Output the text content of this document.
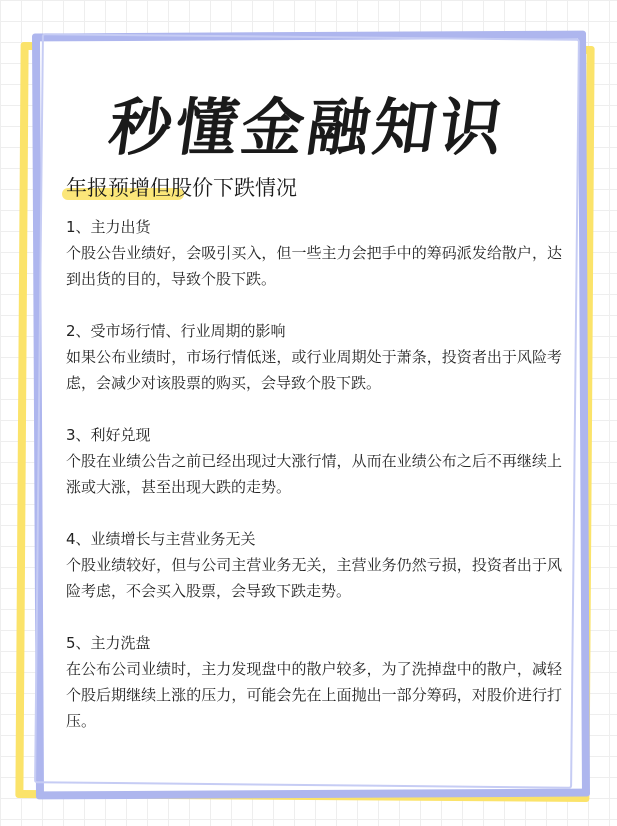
秒懂金融知识
年报预增但股价下跌情况
1、主力出货
个股公告业绩好，会吸引买入，但一些主力会把手中的筹码派发给散户，达到出货的目的，导致个股下跌。
2、受市场行情、行业周期的影响
如果公布业绩时，市场行情低迷，或行业周期处于萧条，投资者出于风险考虑，会减少对该股票的购买，会导致个股下跌。
3、利好兑现
个股在业绩公告之前已经出现过大涨行情，从而在业绩公布之后不再继续上涨或大涨，甚至出现大跌的走势。
4、业绩增长与主营业务无关
个股业绩较好，但与公司主营业务无关，主营业务仍然亏损，投资者出于风险考虑，不会买入股票，会导致下跌走势。
5、主力洗盘
在公布公司业绩时，主力发现盘中的散户较多，为了洗掉盘中的散户，减轻个股后期继续上涨的压力，可能会先在上面抛出一部分筹码，对股价进行打压。
